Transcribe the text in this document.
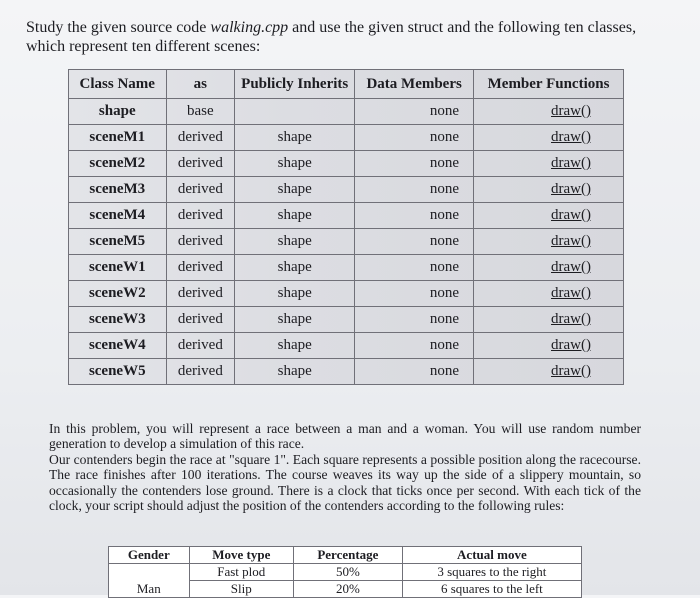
Study the given source code walking.cpp and use the given struct and the following ten classes, which represent ten different scenes:
Class Name	as	Publicly Inherits	Data Members	Member Functions
shape	base		none	draw()
sceneM1	derived	shape	none	draw()
sceneM2	derived	shape	none	draw()
sceneM3	derived	shape	none	draw()
sceneM4	derived	shape	none	draw()
sceneM5	derived	shape	none	draw()
sceneW1	derived	shape	none	draw()
sceneW2	derived	shape	none	draw()
sceneW3	derived	shape	none	draw()
sceneW4	derived	shape	none	draw()
sceneW5	derived	shape	none	draw()

In this problem, you will represent a race between a man and a woman. You will use random number generation to develop a simulation of this race.

Our contenders begin the race at "square 1". Each square represents a possible position along the racecourse. The race finishes after 100 iterations. The course weaves its way up the side of a slippery mountain, so occasionally the contenders lose ground. There is a clock that ticks once per second. With each tick of the clock, your script should adjust the position of the contenders according to the following rules:

Gender	Move type	Percentage	Actual move
Man	Fast plod	50%	3 squares to the right
	Slip	20%	6 squares to the left
